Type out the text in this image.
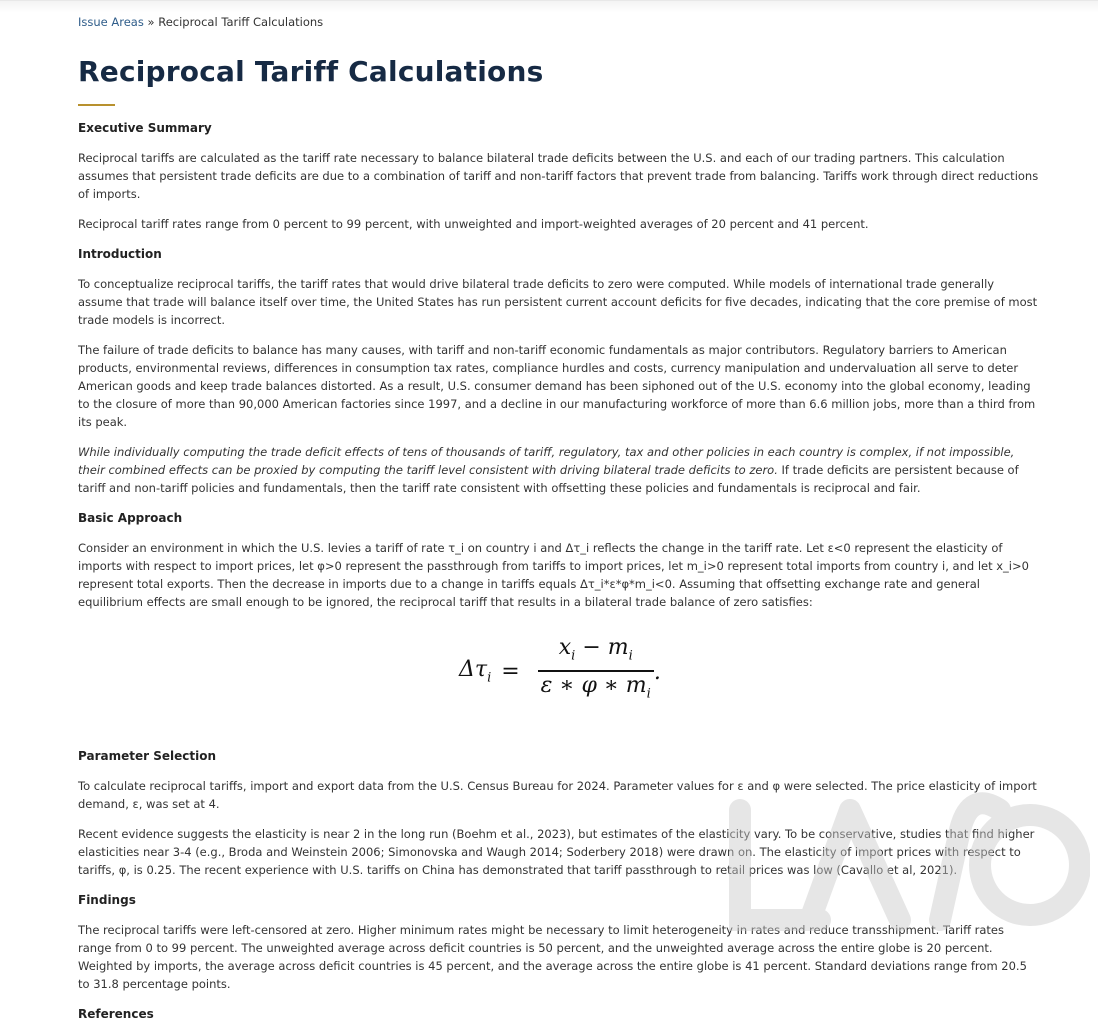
Issue Areas » Reciprocal Tariff Calculations
Reciprocal Tariff Calculations
Executive Summary

Reciprocal tariffs are calculated as the tariff rate necessary to balance bilateral trade deficits between the U.S. and each of our trading partners. This calculation assumes that persistent trade deficits are due to a combination of tariff and non-tariff factors that prevent trade from balancing. Tariffs work through direct reductions of imports.

Reciprocal tariff rates range from 0 percent to 99 percent, with unweighted and import-weighted averages of 20 percent and 41 percent.

Introduction

To conceptualize reciprocal tariffs, the tariff rates that would drive bilateral trade deficits to zero were computed. While models of international trade generally assume that trade will balance itself over time, the United States has run persistent current account deficits for five decades, indicating that the core premise of most trade models is incorrect.

The failure of trade deficits to balance has many causes, with tariff and non-tariff economic fundamentals as major contributors. Regulatory barriers to American products, environmental reviews, differences in consumption tax rates, compliance hurdles and costs, currency manipulation and undervaluation all serve to deter American goods and keep trade balances distorted. As a result, U.S. consumer demand has been siphoned out of the U.S. economy into the global economy, leading to the closure of more than 90,000 American factories since 1997, and a decline in our manufacturing workforce of more than 6.6 million jobs, more than a third from its peak.

While individually computing the trade deficit effects of tens of thousands of tariff, regulatory, tax and other policies in each country is complex, if not impossible, their combined effects can be proxied by computing the tariff level consistent with driving bilateral trade deficits to zero. If trade deficits are persistent because of tariff and non-tariff policies and fundamentals, then the tariff rate consistent with offsetting these policies and fundamentals is reciprocal and fair.

Basic Approach

Consider an environment in which the U.S. levies a tariff of rate τ_i on country i and Δτ_i reflects the change in the tariff rate. Let ε<0 represent the elasticity of imports with respect to import prices, let φ>0 represent the passthrough from tariffs to import prices, let m_i>0 represent total imports from country i, and let x_i>0 represent total exports. Then the decrease in imports due to a change in tariffs equals Δτ_i*ε*φ*m_i<0. Assuming that offsetting exchange rate and general equilibrium effects are small enough to be ignored, the reciprocal tariff that results in a bilateral trade balance of zero satisfies:

$\Delta\tau_i = \frac{x_i - m_i}{\varepsilon ∗ \varphi ∗ m_i}$ .
Parameter Selection

To calculate reciprocal tariffs, import and export data from the U.S. Census Bureau for 2024. Parameter values for ε and φ were selected. The price elasticity of import demand, ε, was set at 4.

Recent evidence suggests the elasticity is near 2 in the long run (Boehm et al., 2023), but estimates of the elasticity vary. To be conservative, studies that find higher elasticities near 3-4 (e.g., Broda and Weinstein 2006; Simonovska and Waugh 2014; Soderbery 2018) were drawn on. The elasticity of import prices with respect to tariffs, φ, is 0.25. The recent experience with U.S. tariffs on China has demonstrated that tariff passthrough to retail prices was low (Cavallo et al, 2021).

Findings

The reciprocal tariffs were left-censored at zero. Higher minimum rates might be necessary to limit heterogeneity in rates and reduce transshipment. Tariff rates range from 0 to 99 percent. The unweighted average across deficit countries is 50 percent, and the unweighted average across the entire globe is 20 percent. Weighted by imports, the average across deficit countries is 45 percent, and the average across the entire globe is 41 percent. Standard deviations range from 20.5 to 31.8 percentage points.

References
